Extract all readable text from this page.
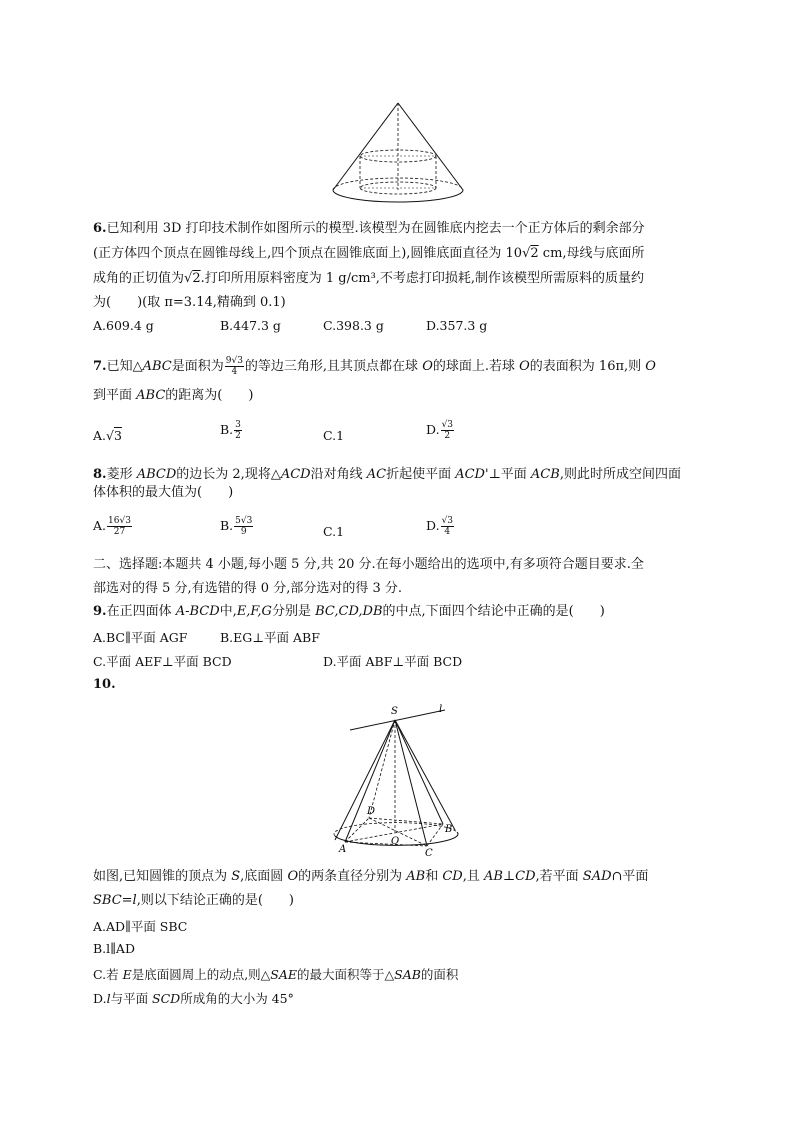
6.已知利用 3D 打印技术制作如图所示的模型.该模型为在圆锥底内挖去一个正方体后的剩余部分
(正方体四个顶点在圆锥母线上,四个顶点在圆锥底面上),圆锥底面直径为 10√2 cm,母线与底面所
成角的正切值为√2.打印所用原料密度为 1 g/cm³,不考虑打印损耗,制作该模型所需原料的质量约
为(　　)(取 π=3.14,精确到 0.1)
A.609.4 g	B.447.3 g	C.398.3 g	D.357.3 g
7.已知△ABC是面积为 $\frac{9√3}{4}$ 的等边三角形,且其顶点都在球 O的球面上.若球 O的表面积为 16π,则 O
到平面 ABC的距离为(　　)
A.√3	B. $\frac{3}{2}$	C.1	D. $\frac{√3}{2}$
8.菱形 ABCD的边长为 2,现将△ACD沿对角线 AC折起使平面 ACD'⊥平面 ACB,则此时所成空间四面
体体积的最大值为(　　)
A. $\frac{16√3}{27}$	B. $\frac{5√3}{9}$	C.1	D. $\frac{√3}{4}$
二、选择题:本题共 4 小题,每小题 5 分,共 20 分.在每小题给出的选项中,有多项符合题目要求.全
部选对的得 5 分,有选错的得 0 分,部分选对的得 3 分.
9.在正四面体 A-BCD中,E,F,G分别是 BC,CD,DB的中点,下面四个结论中正确的是(　　)
A.BC∥平面 AGF	B.EG⊥平面 ABF
C.平面 AEF⊥平面 BCD	D.平面 ABF⊥平面 BCD
10.
S	l
A
B
C
D
O
如图,已知圆锥的顶点为 S,底面圆 O的两条直径分别为 AB和 CD,且 AB⊥CD,若平面 SAD∩平面
SBC=l,则以下结论正确的是(　　)
A.AD∥平面 SBC
B.l∥AD
C.若 E是底面圆周上的动点,则△SAE的最大面积等于△SAB的面积
D.l与平面 SCD所成角的大小为 45°
